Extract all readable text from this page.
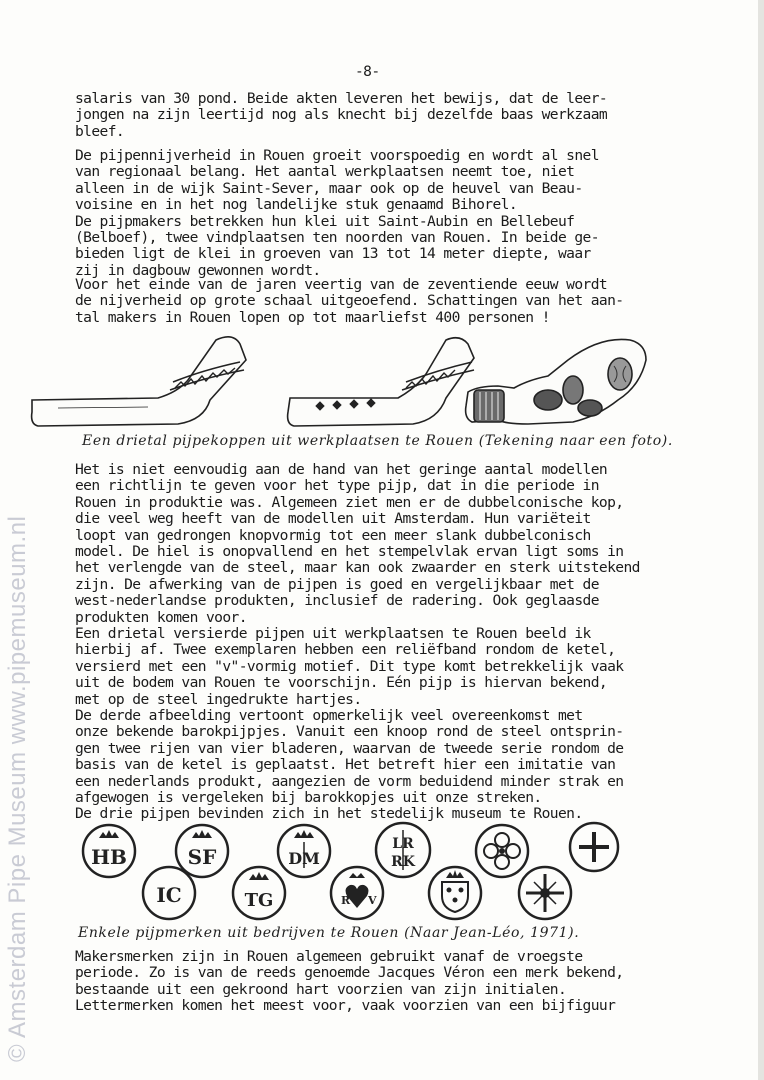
-8-
salaris van 30 pond. Beide akten leveren het bewijs, dat de leer-
jongen na zijn leertijd nog als knecht bij dezelfde baas werkzaam
bleef.
De pijpennijverheid in Rouen groeit voorspoedig en wordt al snel
van regionaal belang. Het aantal werkplaatsen neemt toe, niet
alleen in de wijk Saint-Sever, maar ook op de heuvel van Beau-
voisine en in het nog landelijke stuk genaamd Bihorel.
De pijpmakers betrekken hun klei uit Saint-Aubin en Bellebeuf
(Belboef), twee vindplaatsen ten noorden van Rouen. In beide ge-
bieden ligt de klei in groeven van 13 tot 14 meter diepte, waar
zij in dagbouw gewonnen wordt.
Voor het einde van de jaren veertig van de zeventiende eeuw wordt
de nijverheid op grote schaal uitgeoefend. Schattingen van het aan-
tal makers in Rouen lopen op tot maarliefst 400 personen !
Een drietal pijpekoppen uit werkplaatsen te Rouen (Tekening naar een foto).
Het is niet eenvoudig aan de hand van het geringe aantal modellen
een richtlijn te geven voor het type pijp, dat in die periode in
Rouen in produktie was. Algemeen ziet men er de dubbelconische kop,
die veel weg heeft van de modellen uit Amsterdam. Hun variëteit
loopt van gedrongen knopvormig tot een meer slank dubbelconisch
model. De hiel is onopvallend en het stempelvlak ervan ligt soms in
het verlengde van de steel, maar kan ook zwaarder en sterk uitstekend
zijn. De afwerking van de pijpen is goed en vergelijkbaar met de
west-nederlandse produkten, inclusief de radering. Ook geglaasde
produkten komen voor.
Een drietal versierde pijpen uit werkplaatsen te Rouen beeld ik
hierbij af. Twee exemplaren hebben een reliëfband rondom de ketel,
versierd met een "v"-vormig motief. Dit type komt betrekkelijk vaak
uit de bodem van Rouen te voorschijn. Eén pijp is hiervan bekend,
met op de steel ingedrukte hartjes.
De derde afbeelding vertoont opmerkelijk veel overeenkomst met
onze bekende barokpijpjes. Vanuit een knoop rond de steel ontsprin-
gen twee rijen van vier bladeren, waarvan de tweede serie rondom de
basis van de ketel is geplaatst. Het betreft hier een imitatie van
een nederlands produkt, aangezien de vorm beduidend minder strak en
afgewogen is vergeleken bij barokkopjes uit onze streken.
De drie pijpen bevinden zich in het stedelijk museum te Rouen.
HB	SF	DM
LR
RK
IC	TG	R V
Enkele pijpmerken uit bedrijven te Rouen (Naar Jean-Léo, 1971).
Makersmerken zijn in Rouen algemeen gebruikt vanaf de vroegste
periode. Zo is van de reeds genoemde Jacques Véron een merk bekend,
bestaande uit een gekroond hart voorzien van zijn initialen.
Lettermerken komen het meest voor, vaak voorzien van een bijfiguur
© Amsterdam Pipe Museum www.pipemuseum.nl
